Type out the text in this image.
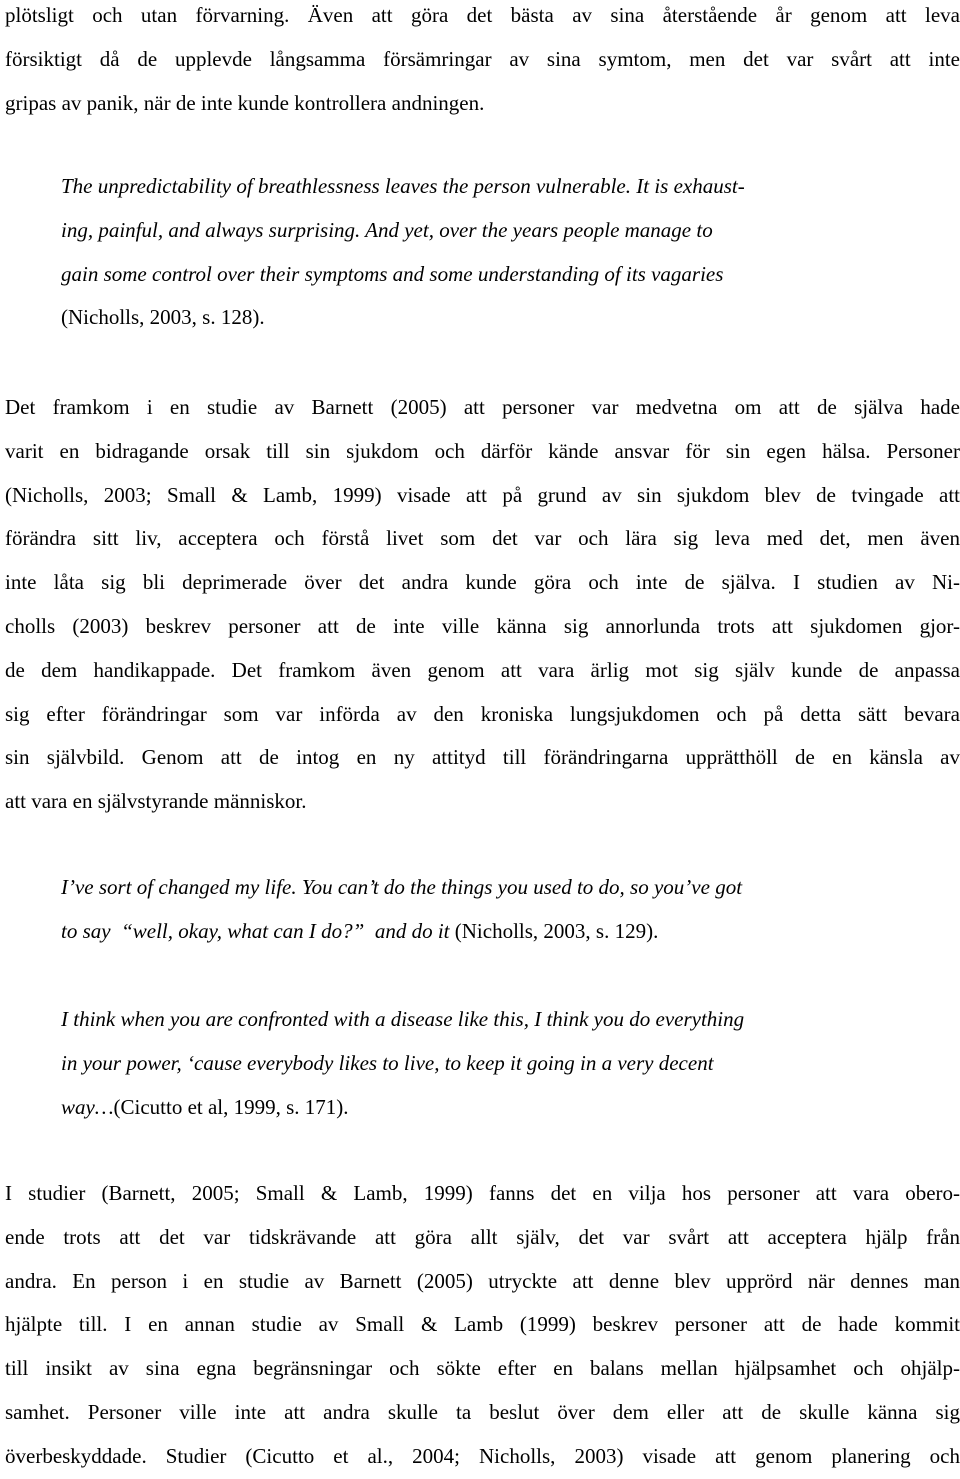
plötsligt och utan förvarning. Även att göra det bästa av sina återstående år genom att leva
försiktigt då de upplevde långsamma försämringar av sina symtom, men det var svårt att inte
gripas av panik, när de inte kunde kontrollera andningen.
The unpredictability of breathlessness leaves the person vulnerable. It is exhaust-
ing, painful, and always surprising. And yet, over the years people manage to
gain some control over their symptoms and some understanding of its vagaries
(Nicholls, 2003, s. 128).
Det framkom i en studie av Barnett (2005) att personer var medvetna om att de själva hade
varit en bidragande orsak till sin sjukdom och därför kände ansvar för sin egen hälsa. Personer
(Nicholls, 2003; Small & Lamb, 1999) visade att på grund av sin sjukdom blev de tvingade att
förändra sitt liv, acceptera och förstå livet som det var och lära sig leva med det, men även
inte låta sig bli deprimerade över det andra kunde göra och inte de själva. I studien av Ni-
cholls (2003) beskrev personer att de inte ville känna sig annorlunda trots att sjukdomen gjor-
de dem handikappade. Det framkom även genom att vara ärlig mot sig själv kunde de anpassa
sig efter förändringar som var införda av den kroniska lungsjukdomen och på detta sätt bevara
sin självbild. Genom att de intog en ny attityd till förändringarna upprätthöll de en känsla av
att vara en självstyrande människor.
I’ve sort of changed my life. You can’t do the things you used to do, so you’ve got
to say  “well, okay, what can I do?”  and do it (Nicholls, 2003, s. 129).
I think when you are confronted with a disease like this, I think you do everything
in your power, ‘cause everybody likes to live, to keep it going in a very decent
way…(Cicutto et al, 1999, s. 171).
I studier (Barnett, 2005; Small & Lamb, 1999) fanns det en vilja hos personer att vara obero-
ende trots att det var tidskrävande att göra allt själv, det var svårt att acceptera hjälp från
andra. En person i en studie av Barnett (2005) utryckte att denne blev upprörd när dennes man
hjälpte till. I en annan studie av Small & Lamb (1999) beskrev personer att de hade kommit
till insikt av sina egna begränsningar och sökte efter en balans mellan hjälpsamhet och ohjälp-
samhet. Personer ville inte att andra skulle ta beslut över dem eller att de skulle känna sig
överbeskyddade. Studier (Cicutto et al., 2004; Nicholls, 2003) visade att genom planering och
